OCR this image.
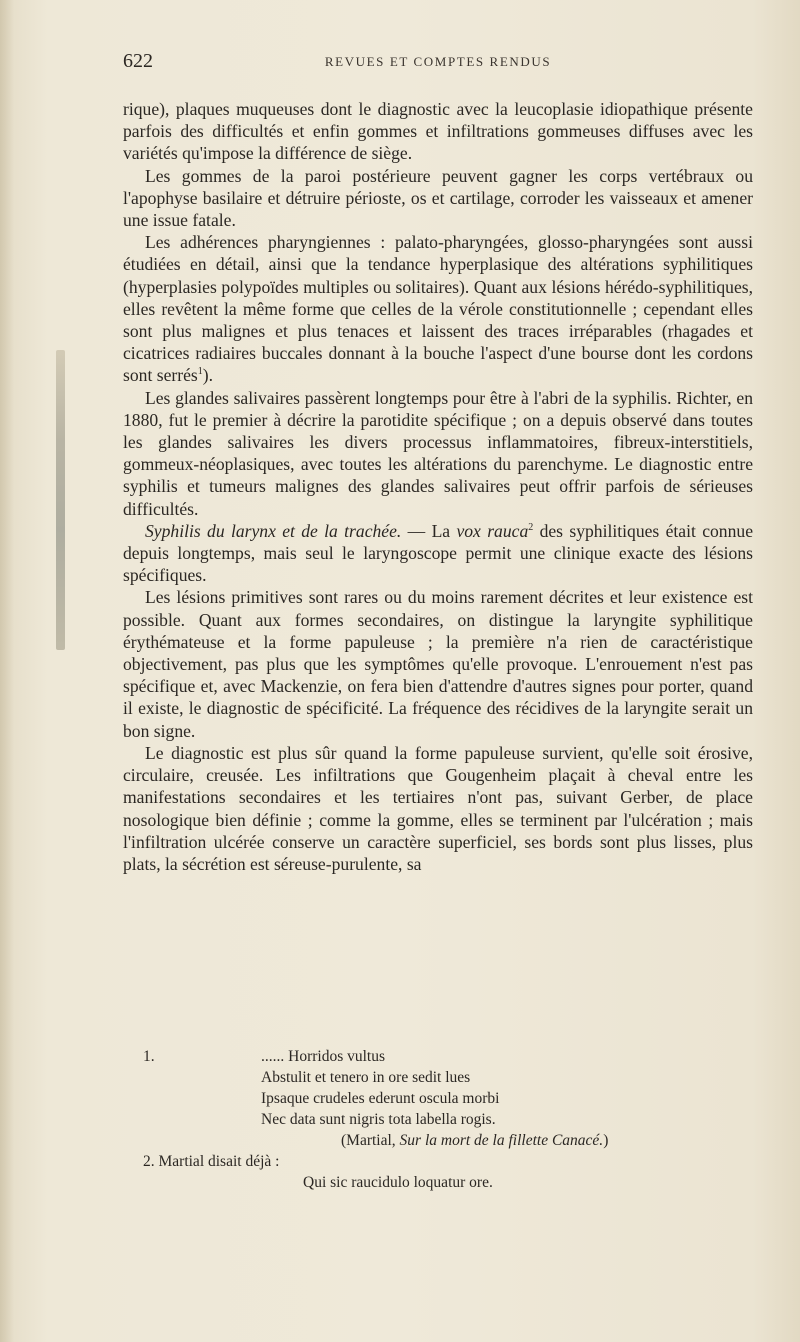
622	REVUES ET COMPTES RENDUS

rique), plaques muqueuses dont le diagnostic avec la leucoplasie idiopathique présente parfois des difficultés et enfin gommes et infiltrations gommeuses diffuses avec les variétés qu'impose la différence de siège.

Les gommes de la paroi postérieure peuvent gagner les corps vertébraux ou l'apophyse basilaire et détruire périoste, os et cartilage, corroder les vaisseaux et amener une issue fatale.

Les adhérences pharyngiennes : palato-pharyngées, glosso-pharyngées sont aussi étudiées en détail, ainsi que la tendance hyperplasique des altérations syphilitiques (hyperplasies polypoïdes multiples ou solitaires). Quant aux lésions hérédo-syphilitiques, elles revêtent la même forme que celles de la vérole constitutionnelle ; cependant elles sont plus malignes et plus tenaces et laissent des traces irréparables (rhagades et cicatrices radiaires buccales donnant à la bouche l'aspect d'une bourse dont les cordons sont serrés$^1$).

Les glandes salivaires passèrent longtemps pour être à l'abri de la syphilis. Richter, en 1880, fut le premier à décrire la parotidite spécifique ; on a depuis observé dans toutes les glandes salivaires les divers processus inflammatoires, fibreux-interstitiels, gommeux-néoplasiques, avec toutes les altérations du parenchyme. Le diagnostic entre syphilis et tumeurs malignes des glandes salivaires peut offrir parfois de sérieuses difficultés.

Syphilis du larynx et de la trachée. — La vox rauca$^2$ des syphilitiques était connue depuis longtemps, mais seul le laryngoscope permit une clinique exacte des lésions spécifiques.

Les lésions primitives sont rares ou du moins rarement décrites et leur existence est possible. Quant aux formes secondaires, on distingue la laryngite syphilitique érythémateuse et la forme papuleuse ; la première n'a rien de caractéristique objectivement, pas plus que les symptômes qu'elle provoque. L'enrouement n'est pas spécifique et, avec Mackenzie, on fera bien d'attendre d'autres signes pour porter, quand il existe, le diagnostic de spécificité. La fréquence des récidives de la laryngite serait un bon signe.

Le diagnostic est plus sûr quand la forme papuleuse survient, qu'elle soit érosive, circulaire, creusée. Les infiltrations que Gougenheim plaçait à cheval entre les manifestations secondaires et les tertiaires n'ont pas, suivant Gerber, de place nosologique bien définie ; comme la gomme, elles se terminent par l'ulcération ; mais l'infiltration ulcérée conserve un caractère superficiel, ses bords sont plus lisses, plus plats, la sécrétion est séreuse-purulente, sa

1.	...... Horridos vultus
Abstulit et tenero in ore sedit lues
Ipsaque crudeles ederunt oscula morbi
Nec data sunt nigris tota labella rogis.
(Martial, Sur la mort de la fillette Canacé.)
2. Martial disait déjà :
Qui sic raucidulo loquatur ore.
